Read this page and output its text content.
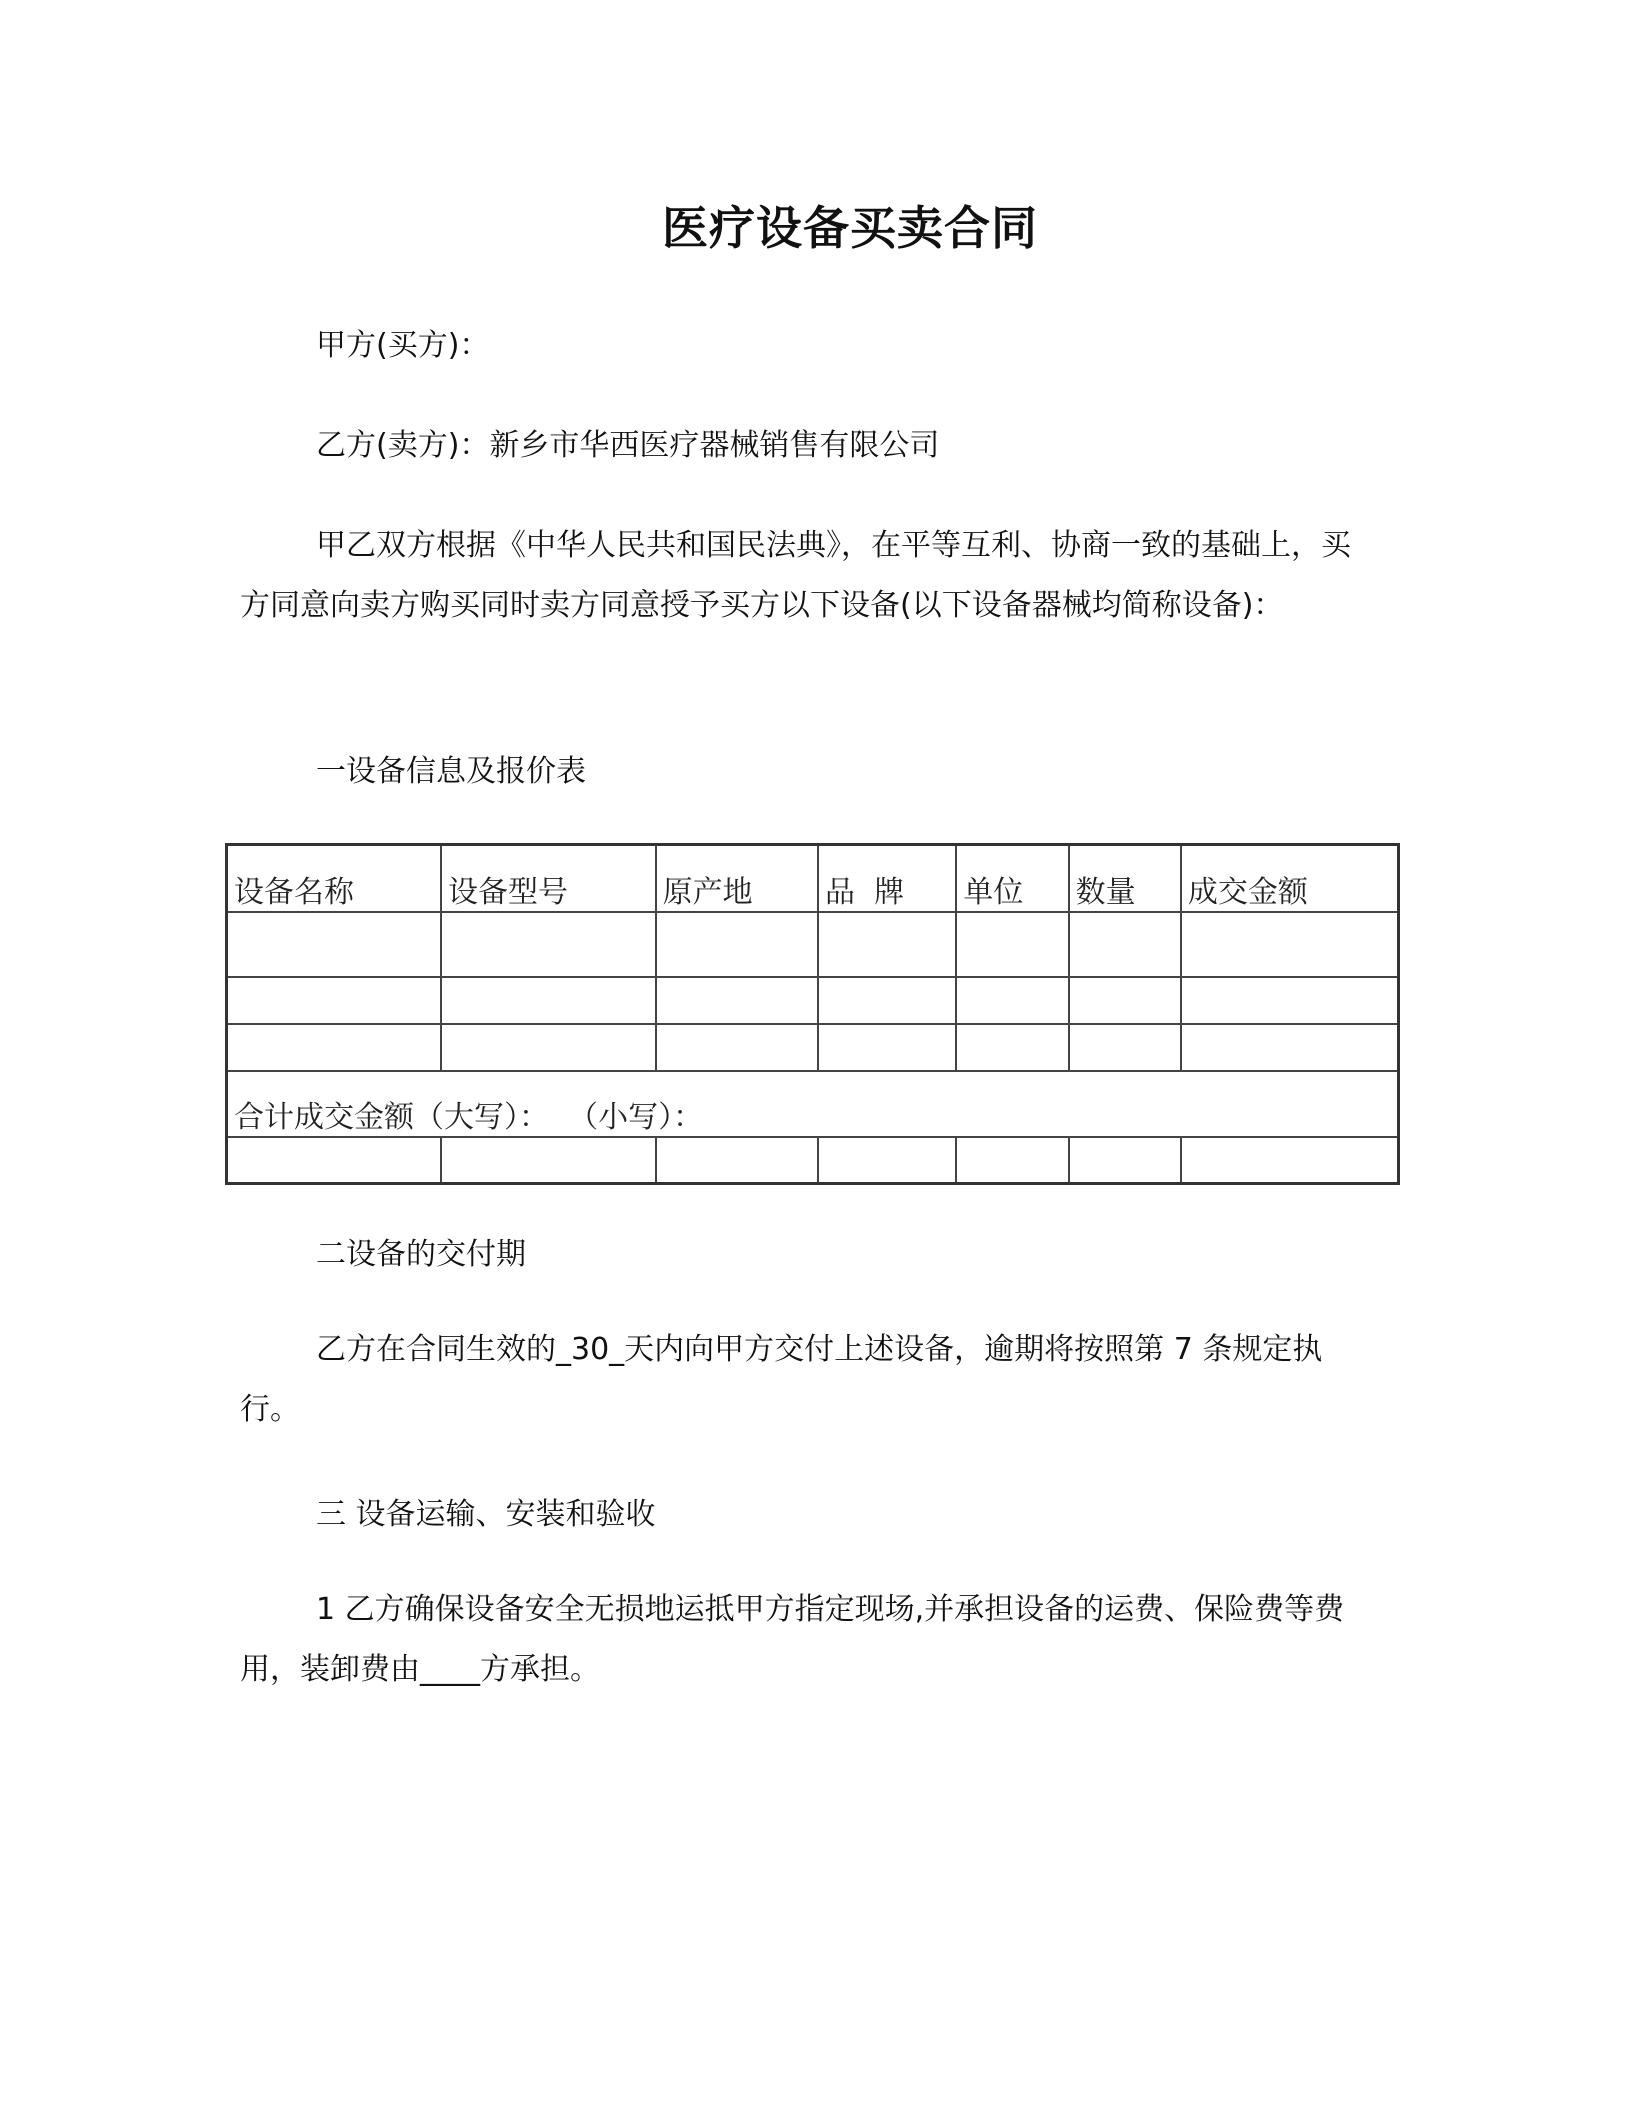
医疗设备买卖合同

甲方(买方)：

乙方(卖方)：新乡市华西医疗器械销售有限公司

甲乙双方根据《中华人民共和国民法典》，在平等互利、协商一致的基础上，买方同意向卖方购买同时卖方同意授予买方以下设备(以下设备器械均简称设备)：

一设备信息及报价表

设备名称	设备型号	原产地	品  牌	单位	数量	成交金额

合计成交金额（大写）：  （小写）：						

二设备的交付期

乙方在合同生效的_30_天内向甲方交付上述设备，逾期将按照第 7 条规定执行。

三 设备运输、安装和验收

1 乙方确保设备安全无损地运抵甲方指定现场,并承担设备的运费、保险费等费用，装卸费由____方承担。
